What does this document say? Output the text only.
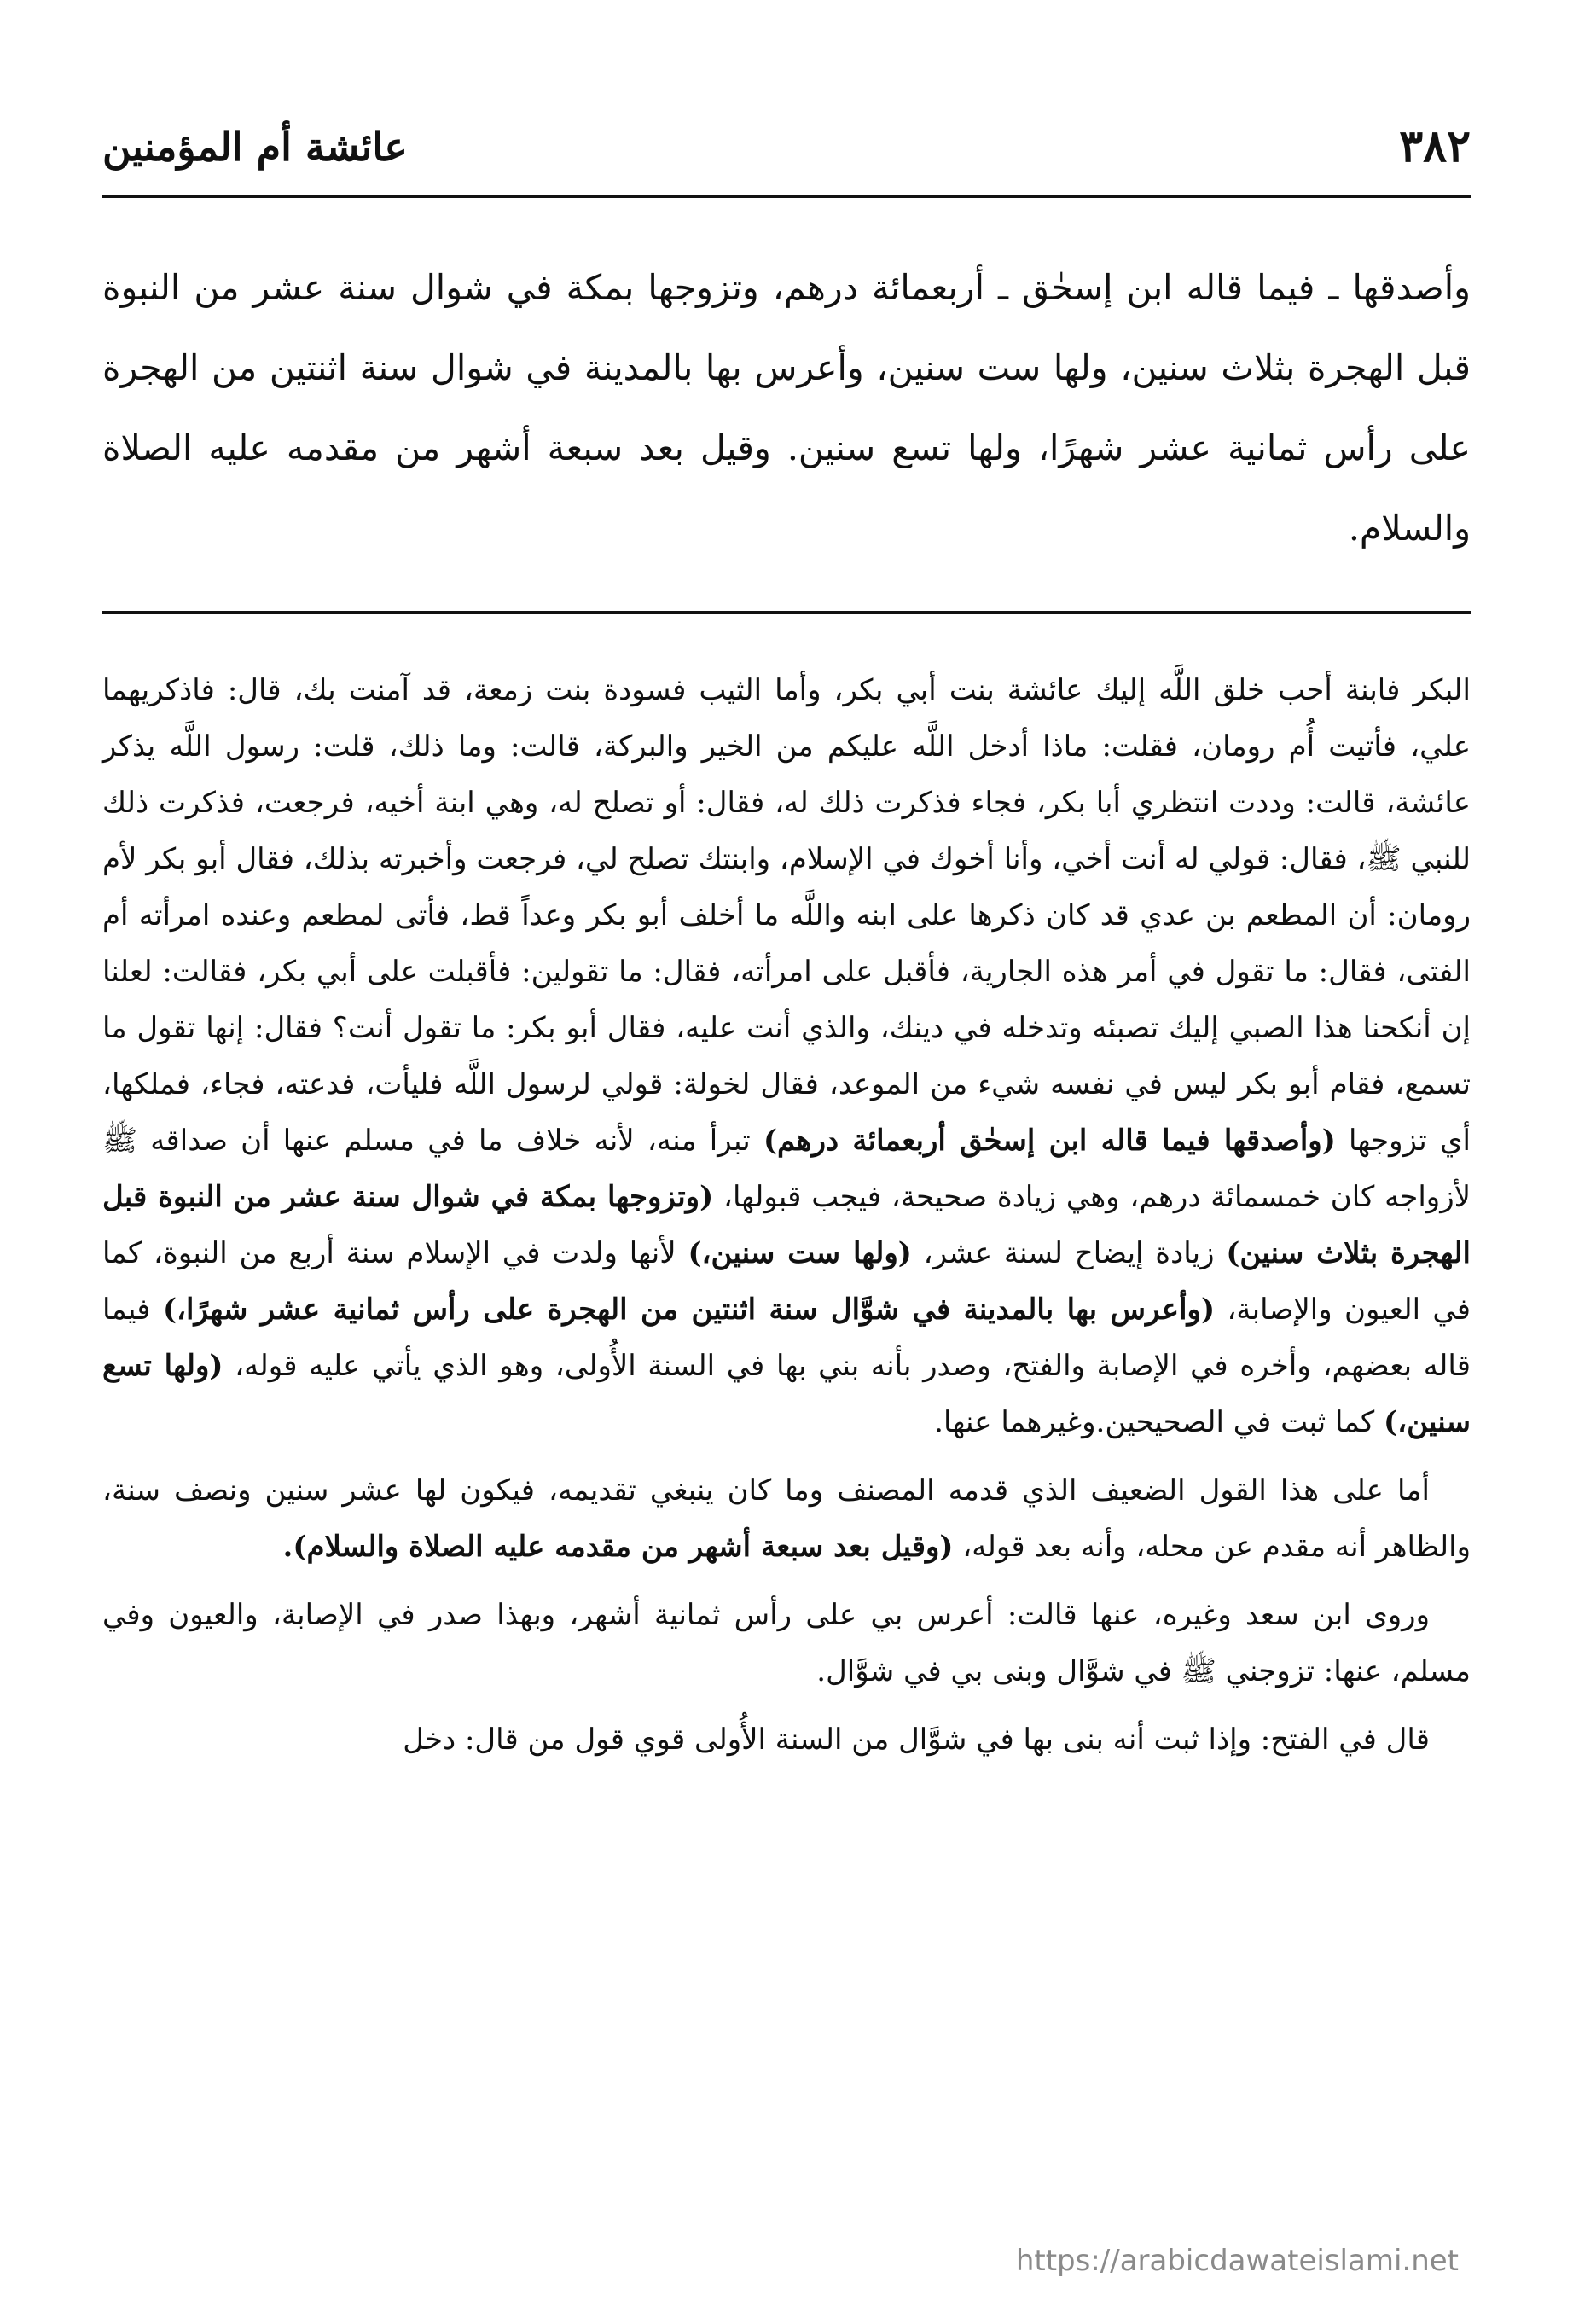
٣٨٢
عائشة أم المؤمنين

وأصدقها ـ فيما قاله ابن إسحٰق ـ أربعمائة درهم، وتزوجها بمكة في شوال سنة عشر من النبوة قبل الهجرة بثلاث سنين، ولها ست سنين، وأعرس بها بالمدينة في شوال سنة اثنتين من الهجرة على رأس ثمانية عشر شهرًا، ولها تسع سنين. وقيل بعد سبعة أشهر من مقدمه عليه الصلاة والسلام.

البكر فابنة أحب خلق اللَّه إليك عائشة بنت أبي بكر، وأما الثيب فسودة بنت زمعة، قد آمنت بك، قال: فاذكريهما علي، فأتيت أُم رومان، فقلت: ماذا أدخل اللَّه عليكم من الخير والبركة، قالت: وما ذلك، قلت: رسول اللَّه يذكر عائشة، قالت: وددت انتظري أبا بكر، فجاء فذكرت ذلك له، فقال: أو تصلح له، وهي ابنة أخيه، فرجعت، فذكرت ذلك للنبي ﷺ، فقال: قولي له أنت أخي، وأنا أخوك في الإسلام، وابنتك تصلح لي، فرجعت وأخبرته بذلك، فقال أبو بكر لأم رومان: أن المطعم بن عدي قد كان ذكرها على ابنه واللَّه ما أخلف أبو بكر وعداً قط، فأتى لمطعم وعنده امرأته أم الفتى، فقال: ما تقول في أمر هذه الجارية، فأقبل على امرأته، فقال: ما تقولين: فأقبلت على أبي بكر، فقالت: لعلنا إن أنكحنا هذا الصبي إليك تصبئه وتدخله في دينك، والذي أنت عليه، فقال أبو بكر: ما تقول أنت؟ فقال: إنها تقول ما تسمع، فقام أبو بكر ليس في نفسه شيء من الموعد، فقال لخولة: قولي لرسول اللَّه فليأت، فدعته، فجاء، فملكها، أي تزوجها (وأصدقها فيما قاله ابن إسحٰق أربعمائة درهم) تبرأ منه، لأنه خلاف ما في مسلم عنها أن صداقه ﷺ لأزواجه كان خمسمائة درهم، وهي زيادة صحيحة، فيجب قبولها، (وتزوجها بمكة في شوال سنة عشر من النبوة قبل الهجرة بثلاث سنين) زيادة إيضاح لسنة عشر، (ولها ست سنين،) لأنها ولدت في الإسلام سنة أربع من النبوة، كما في العيون والإصابة، (وأعرس بها بالمدينة في شوَّال سنة اثنتين من الهجرة على رأس ثمانية عشر شهرًا،) فيما قاله بعضهم، وأخره في الإصابة والفتح، وصدر بأنه بني بها في السنة الأُولى، وهو الذي يأتي عليه قوله، (ولها تسع سنين،) كما ثبت في الصحيحين.وغيرهما عنها.

أما على هذا القول الضعيف الذي قدمه المصنف وما كان ينبغي تقديمه، فيكون لها عشر سنين ونصف سنة، والظاهر أنه مقدم عن محله، وأنه بعد قوله، (وقيل بعد سبعة أشهر من مقدمه عليه الصلاة والسلام).

وروى ابن سعد وغيره، عنها قالت: أعرس بي على رأس ثمانية أشهر، وبهذا صدر في الإصابة، والعيون وفي مسلم، عنها: تزوجني ﷺ في شوَّال وبنى بي في شوَّال.

قال في الفتح: وإذا ثبت أنه بنى بها في شوَّال من السنة الأُولى قوي قول من قال: دخل

https://arabicdawateislami.net
